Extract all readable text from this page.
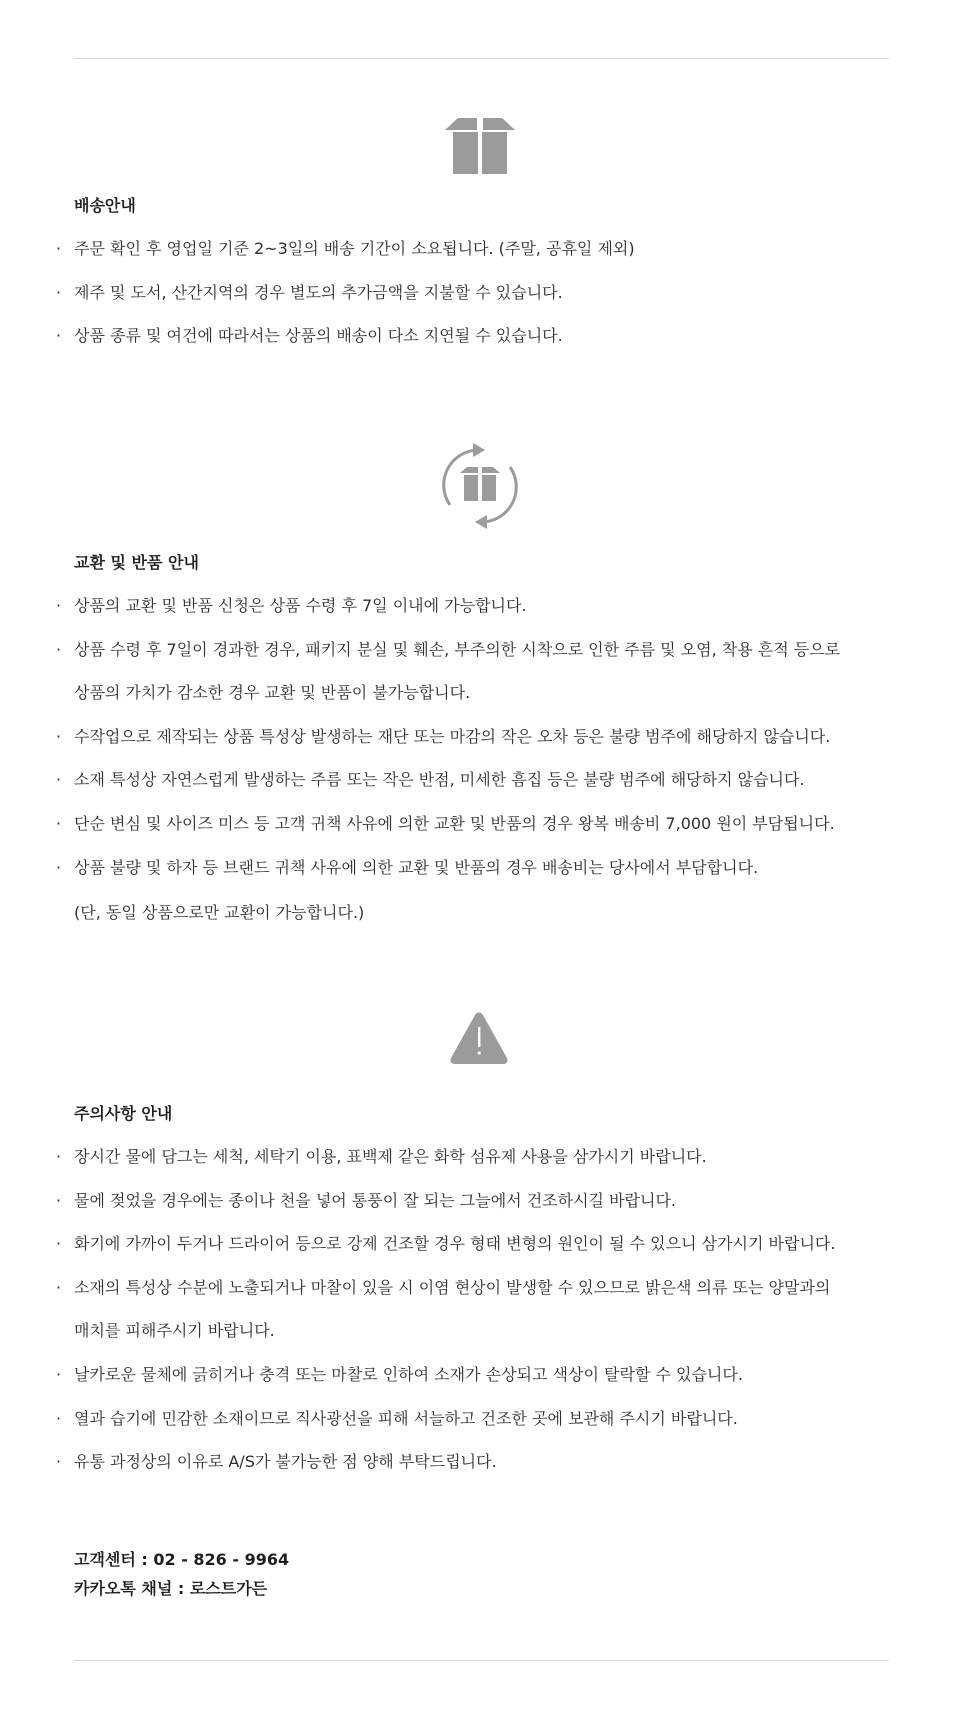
배송안내
· 주문 확인 후 영업일 기준 2~3일의 배송 기간이 소요됩니다. (주말, 공휴일 제외)
· 제주 및 도서, 산간지역의 경우 별도의 추가금액을 지불할 수 있습니다.
· 상품 종류 및 여건에 따라서는 상품의 배송이 다소 지연될 수 있습니다.
교환 및 반품 안내
· 상품의 교환 및 반품 신청은 상품 수령 후 7일 이내에 가능합니다.
· 상품 수령 후 7일이 경과한 경우, 패키지 분실 및 훼손, 부주의한 시착으로 인한 주름 및 오염, 착용 흔적 등으로
상품의 가치가 감소한 경우 교환 및 반품이 불가능합니다.
· 수작업으로 제작되는 상품 특성상 발생하는 재단 또는 마감의 작은 오차 등은 불량 범주에 해당하지 않습니다.
· 소재 특성상 자연스럽게 발생하는 주름 또는 작은 반점, 미세한 흠집 등은 불량 범주에 해당하지 않습니다.
· 단순 변심 및 사이즈 미스 등 고객 귀책 사유에 의한 교환 및 반품의 경우 왕복 배송비 7,000 원이 부담됩니다.
· 상품 불량 및 하자 등 브랜드 귀책 사유에 의한 교환 및 반품의 경우 배송비는 당사에서 부담합니다.
(단, 동일 상품으로만 교환이 가능합니다.)
주의사항 안내
· 장시간 물에 담그는 세척, 세탁기 이용, 표백제 같은 화학 섬유제 사용을 삼가시기 바랍니다.
· 물에 젖었을 경우에는 종이나 천을 넣어 통풍이 잘 되는 그늘에서 건조하시길 바랍니다.
· 화기에 가까이 두거나 드라이어 등으로 강제 건조할 경우 형태 변형의 원인이 될 수 있으니 삼가시기 바랍니다.
· 소재의 특성상 수분에 노출되거나 마찰이 있을 시 이염 현상이 발생할 수 있으므로 밝은색 의류 또는 양말과의
매치를 피해주시기 바랍니다.
· 날카로운 물체에 긁히거나 충격 또는 마찰로 인하여 소재가 손상되고 색상이 탈락할 수 있습니다.
· 열과 습기에 민감한 소재이므로 직사광선을 피해 서늘하고 건조한 곳에 보관해 주시기 바랍니다.
· 유통 과정상의 이유로 A/S가 불가능한 점 양해 부탁드립니다.
고객센터 : 02 - 826 - 9964
카카오톡 채널 : 로스트가든
